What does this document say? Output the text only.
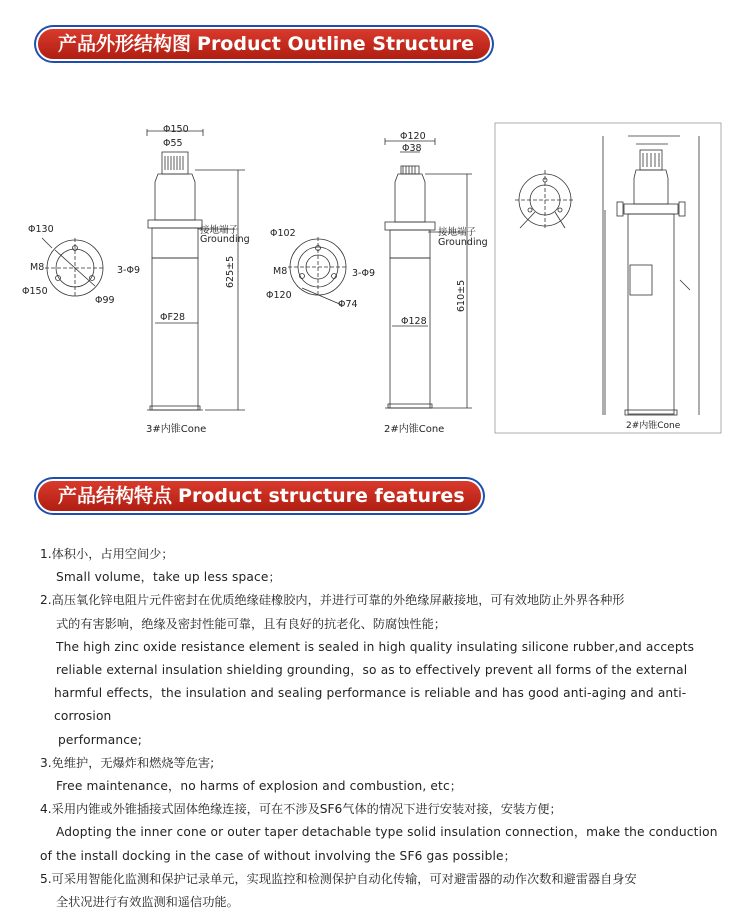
产品外形结构图 Product Outline Structure
Φ150
Φ55
接地端子
Grounding
ΦF28
625±5
Φ130
M8
Φ150
3-Φ9
Φ99
3#内锥Cone
Φ120
Φ38
接地端子
Grounding
Φ128
610±5
Φ102
M8
Φ120
3-Φ9
Φ74
2#内锥Cone	2#内锥Cone
产品结构特点 Product structure features
1.体积小，占用空间少；
Small volume，take up less space；
2.高压氧化锌电阻片元件密封在优质绝缘硅橡胶内，并进行可靠的外绝缘屏蔽接地，可有效地防止外界各种形
式的有害影响，绝缘及密封性能可靠，且有良好的抗老化、防腐蚀性能；
The high zinc oxide resistance element is sealed in high quality insulating silicone rubber,and accepts
reliable external insulation shielding grounding，so as to effectively prevent all forms of the external
harmful effects，the insulation and sealing performance is reliable and has good anti-aging and anti-corrosion
performance;
3.免维护，无爆炸和燃烧等危害;
Free maintenance，no harms of explosion and combustion, etc；
4.采用内锥或外锥插接式固体绝缘连接，可在不涉及SF6气体的情况下进行安装对接，安装方便；
Adopting the inner cone or outer taper detachable type solid insulation connection，make the conduction
of the install docking in the case of without involving the SF6 gas possible；
5.可采用智能化监测和保护记录单元，实现监控和检测保护自动化传输，可对避雷器的动作次数和避雷器自身安
全状况进行有效监测和遥信功能。
